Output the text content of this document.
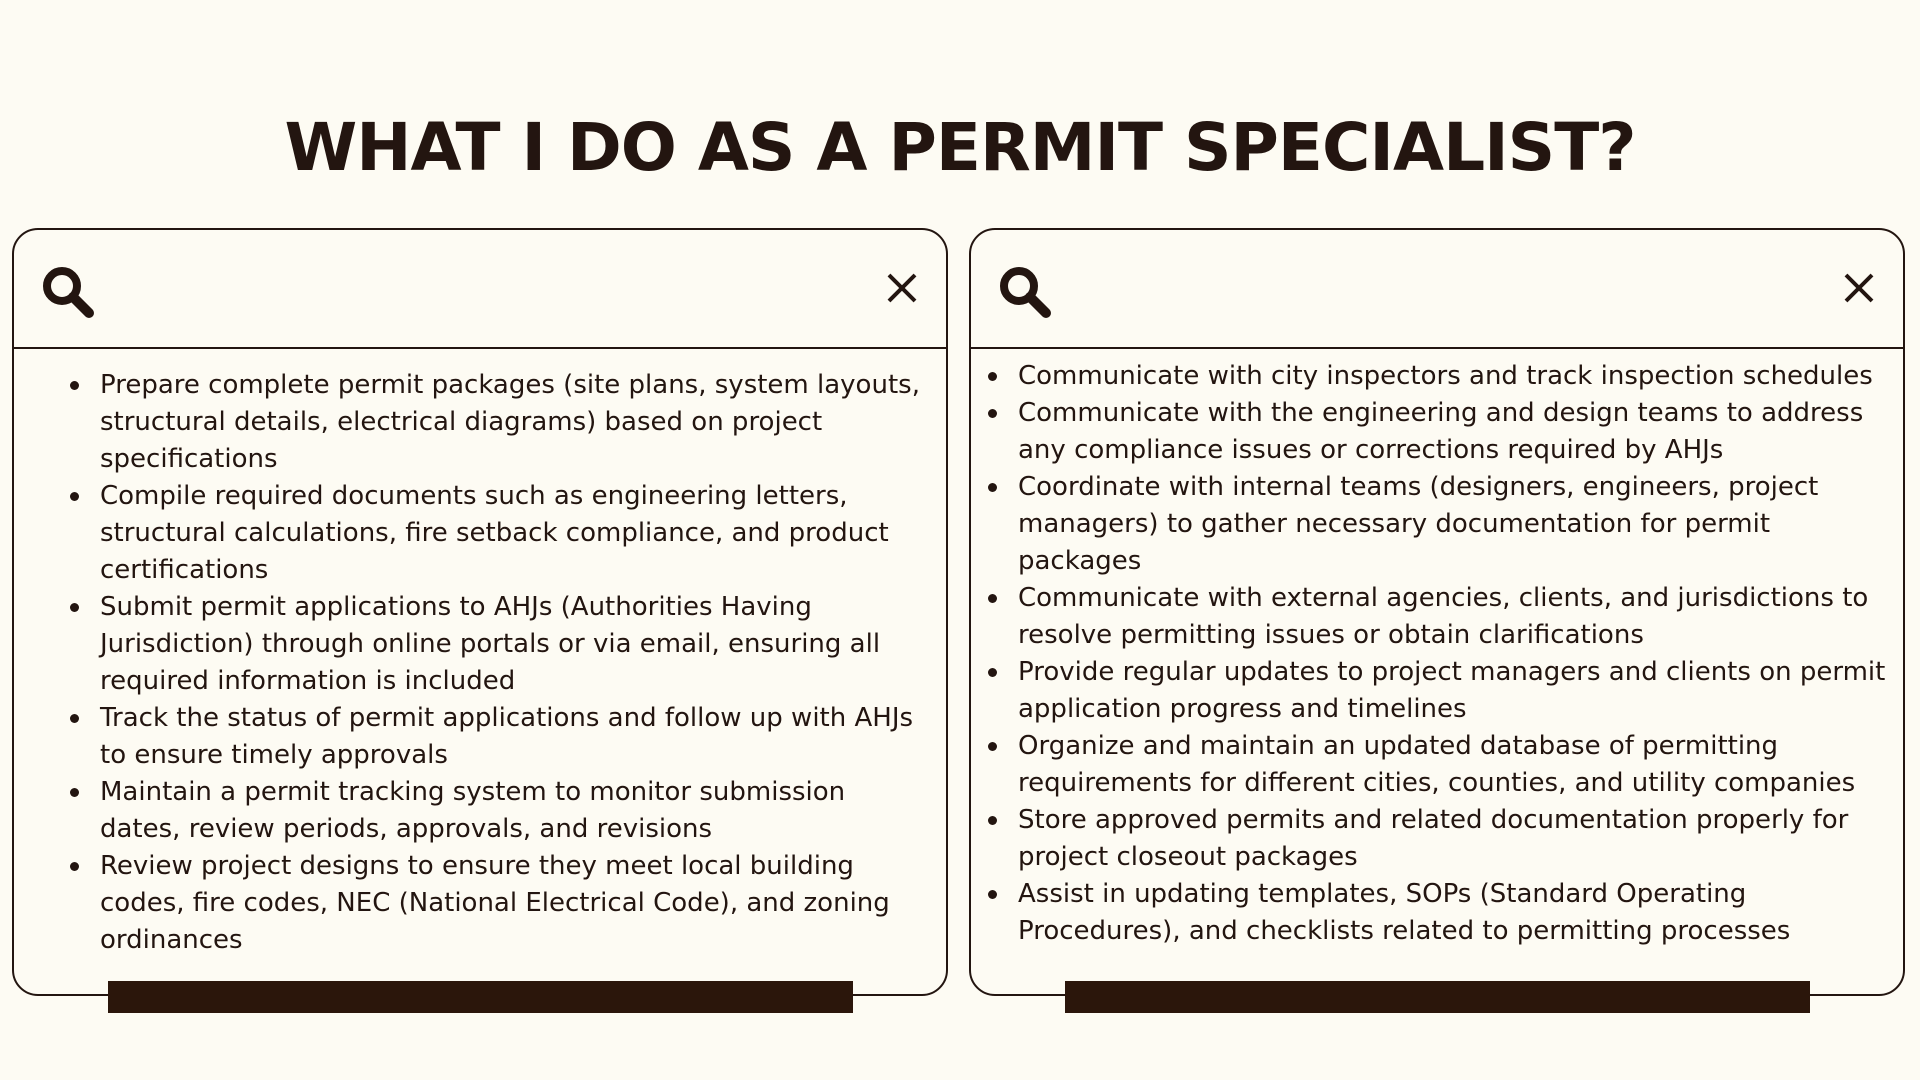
WHAT I DO AS A PERMIT SPECIALIST?
Prepare complete permit packages (site plans, system layouts, structural details, electrical diagrams) based on project specifications
Compile required documents such as engineering letters, structural calculations, fire setback compliance, and product certifications
Submit permit applications to AHJs (Authorities Having Jurisdiction) through online portals or via email, ensuring all required information is included
Track the status of permit applications and follow up with AHJs to ensure timely approvals
Maintain a permit tracking system to monitor submission dates, review periods, approvals, and revisions
Review project designs to ensure they meet local building codes, fire codes, NEC (National Electrical Code), and zoning ordinances
Communicate with city inspectors and track inspection schedules
Communicate with the engineering and design teams to address any compliance issues or corrections required by AHJs
Coordinate with internal teams (designers, engineers, project managers) to gather necessary documentation for permit packages
Communicate with external agencies, clients, and jurisdictions to resolve permitting issues or obtain clarifications
Provide regular updates to project managers and clients on permit application progress and timelines
Organize and maintain an updated database of permitting requirements for different cities, counties, and utility companies
Store approved permits and related documentation properly for project closeout packages
Assist in updating templates, SOPs (Standard Operating Procedures), and checklists related to permitting processes
